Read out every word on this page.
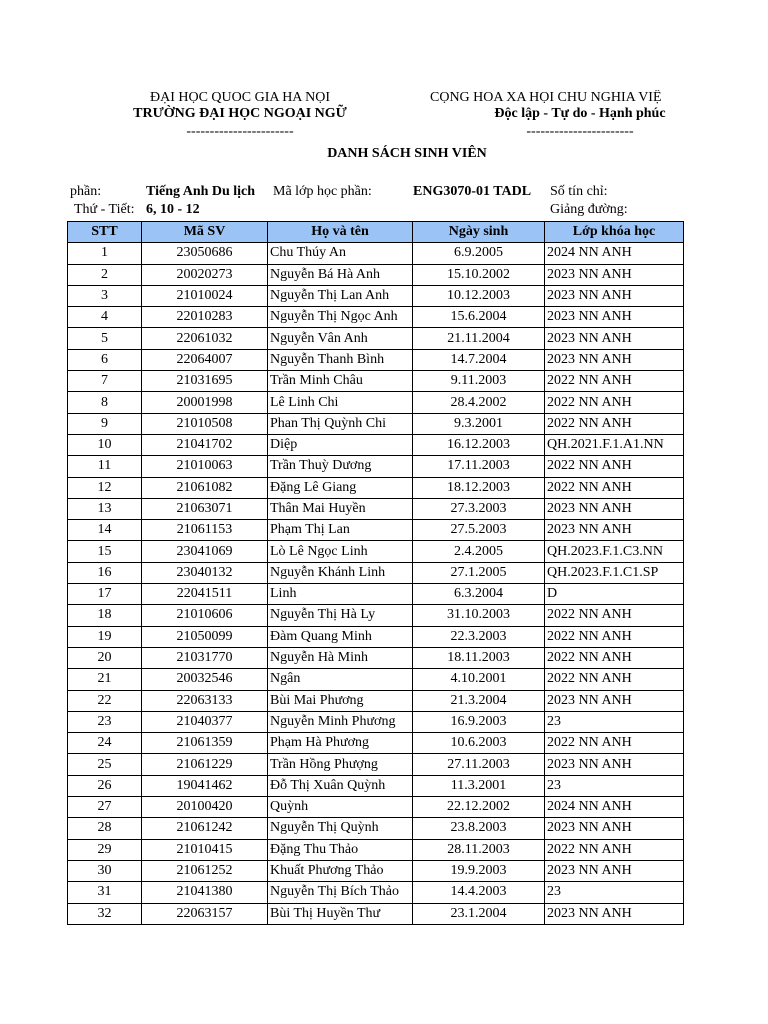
ĐẠI HỌC QUOC GIA HA NỌI
TRƯỜNG ĐẠI HỌC NGOẠI NGỮ
-----------------------
CỌNG HOA XA HỌI CHU NGHIA VIỆ
Độc lập - Tự do - Hạnh phúc
-----------------------
DANH SÁCH SINH VIÊN
phần:	Tiếng Anh Du lịch Mã lớp học phần:	ENG3070-01 TADL Số tín chỉ:
Thứ - Tiết: 6, 10 - 12	Giảng đường:
STT	Mã SV	Họ và tên	Ngày sinh	Lớp khóa học
1	23050686	Chu Thúy An	6.9.2005	2024 NN ANH
2	20020273	Nguyễn Bá Hà Anh	15.10.2002	2023 NN ANH
3	21010024	Nguyễn Thị Lan Anh	10.12.2003	2023 NN ANH
4	22010283	Nguyễn Thị Ngọc Anh	15.6.2004	2023 NN ANH
5	22061032	Nguyễn Vân Anh	21.11.2004	2023 NN ANH
6	22064007	Nguyễn Thanh Bình	14.7.2004	2023 NN ANH
7	21031695	Trần Minh Châu	9.11.2003	2022 NN ANH
8	20001998	Lê Linh Chi	28.4.2002	2022 NN ANH
9	21010508	Phan Thị Quỳnh Chi	9.3.2001	2022 NN ANH
10	21041702	Diệp	16.12.2003	QH.2021.F.1.A1.NN
11	21010063	Trần Thuỳ Dương	17.11.2003	2022 NN ANH
12	21061082	Đặng Lê Giang	18.12.2003	2022 NN ANH
13	21063071	Thân Mai Huyền	27.3.2003	2023 NN ANH
14	21061153	Phạm Thị Lan	27.5.2003	2023 NN ANH
15	23041069	Lò Lê Ngọc Linh	2.4.2005	QH.2023.F.1.C3.NN
16	23040132	Nguyễn Khánh Linh	27.1.2005	QH.2023.F.1.C1.SP
17	22041511	Linh	6.3.2004	D
18	21010606	Nguyễn Thị Hà Ly	31.10.2003	2022 NN ANH
19	21050099	Đàm Quang Minh	22.3.2003	2022 NN ANH
20	21031770	Nguyễn Hà Minh	18.11.2003	2022 NN ANH
21	20032546	Ngân	4.10.2001	2022 NN ANH
22	22063133	Bùi Mai Phương	21.3.2004	2023 NN ANH
23	21040377	Nguyễn Minh Phương	16.9.2003	23
24	21061359	Phạm Hà Phương	10.6.2003	2022 NN ANH
25	21061229	Trần Hồng Phượng	27.11.2003	2023 NN ANH
26	19041462	Đỗ Thị Xuân Quỳnh	11.3.2001	23
27	20100420	Quỳnh	22.12.2002	2024 NN ANH
28	21061242	Nguyễn Thị Quỳnh	23.8.2003	2023 NN ANH
29	21010415	Đặng Thu Thảo	28.11.2003	2022 NN ANH
30	21061252	Khuất Phương Thảo	19.9.2003	2023 NN ANH
31	21041380	Nguyễn Thị Bích Thảo	14.4.2003	23
32	22063157	Bùi Thị Huyền Thư	23.1.2004	2023 NN ANH
